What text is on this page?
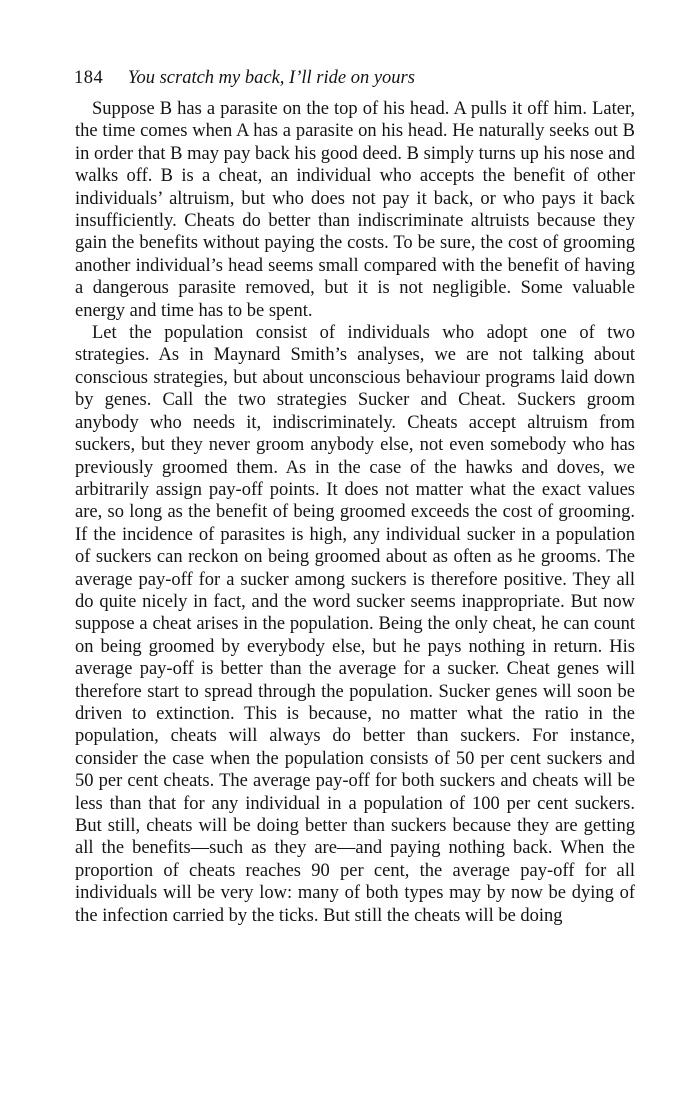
184 You scratch my back, I’ll ride on yours

Suppose B has a parasite on the top of his head. A pulls it off him. Later, the time comes when A has a parasite on his head. He naturally seeks out B in order that B may pay back his good deed. B simply turns up his nose and walks off. B is a cheat, an individual who accepts the benefit of other individuals’ altruism, but who does not pay it back, or who pays it back insufficiently. Cheats do better than indiscriminate altruists because they gain the benefits without paying the costs. To be sure, the cost of grooming another individual’s head seems small compared with the benefit of having a dangerous parasite removed, but it is not negligible. Some valuable energy and time has to be spent.

Let the population consist of individuals who adopt one of two strategies. As in Maynard Smith’s analyses, we are not talking about conscious strategies, but about unconscious behaviour programs laid down by genes. Call the two strategies Sucker and Cheat. Suckers groom anybody who needs it, indiscriminately. Cheats accept altruism from suckers, but they never groom anybody else, not even somebody who has previously groomed them. As in the case of the hawks and doves, we arbitrarily assign pay-off points. It does not matter what the exact values are, so long as the benefit of being groomed exceeds the cost of grooming. If the incidence of parasites is high, any individual sucker in a population of suckers can reckon on being groomed about as often as he grooms. The average pay-off for a sucker among suckers is therefore positive. They all do quite nicely in fact, and the word sucker seems inappropriate. But now suppose a cheat arises in the population. Being the only cheat, he can count on being groomed by everybody else, but he pays nothing in return. His average pay-off is better than the average for a sucker. Cheat genes will therefore start to spread through the population. Sucker genes will soon be driven to extinction. This is because, no matter what the ratio in the population, cheats will always do better than suckers. For instance, consider the case when the population consists of 50 per cent suckers and 50 per cent cheats. The average pay-off for both suckers and cheats will be less than that for any individual in a population of 100 per cent suckers. But still, cheats will be doing better than suckers because they are getting all the benefits—such as they are—and paying nothing back. When the proportion of cheats reaches 90 per cent, the average pay-off for all individuals will be very low: many of both types may by now be dying of the infection carried by the ticks. But still the cheats will be doing
